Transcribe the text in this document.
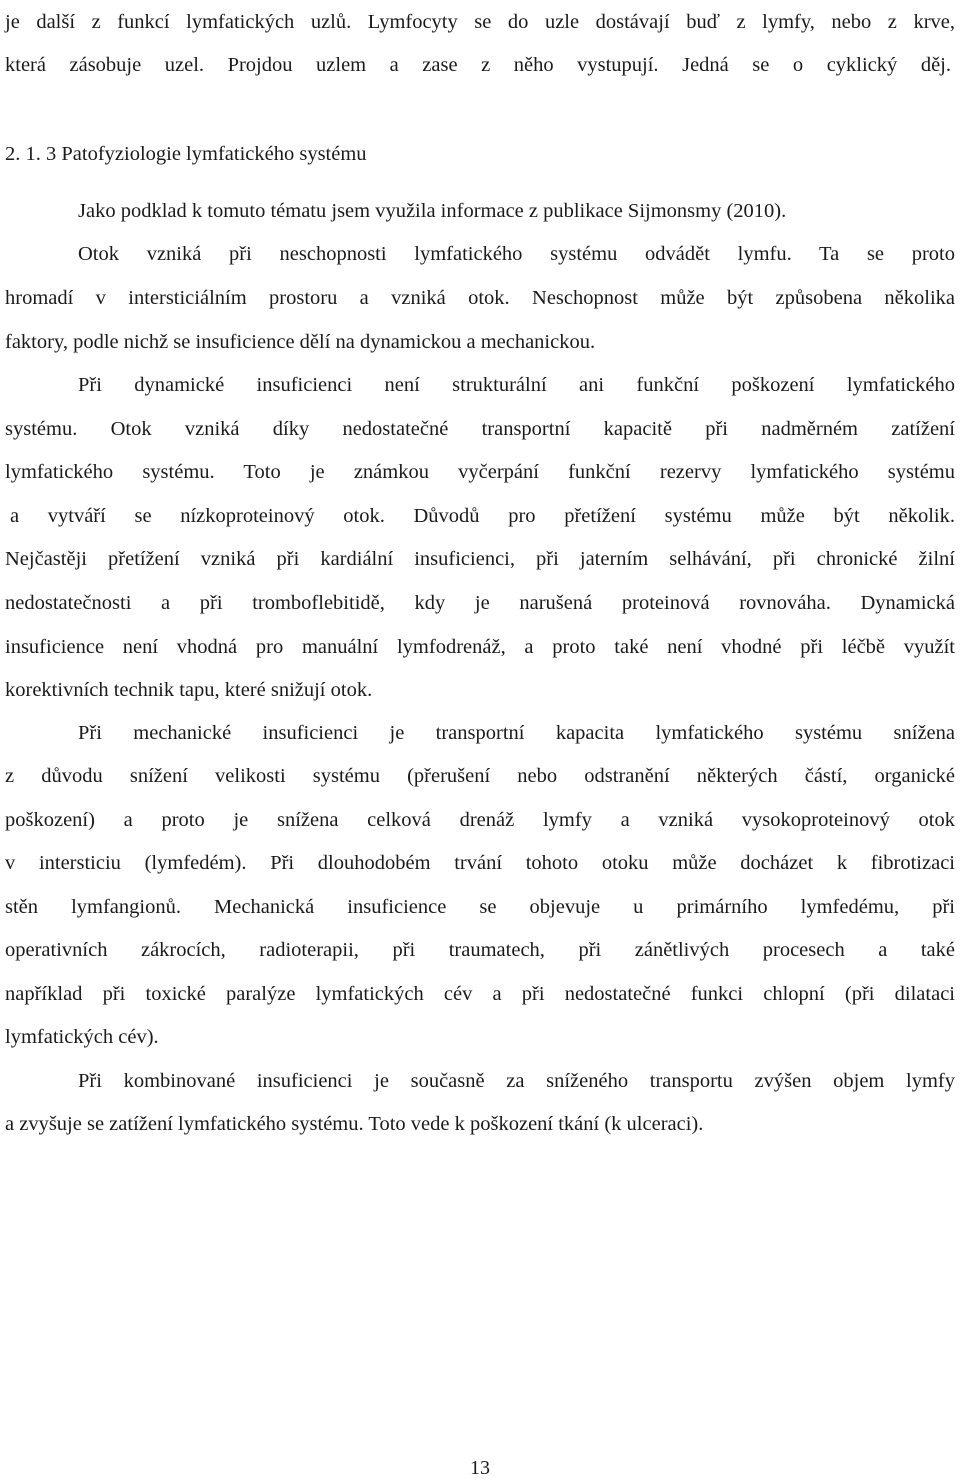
je další z funkcí lymfatických uzlů. Lymfocyty se do uzle dostávají buď z lymfy, nebo z krve,
která zásobuje uzel. Projdou uzlem a zase z něho vystupují. Jedná se o cyklický děj.
2. 1. 3 Patofyziologie lymfatického systému
Jako podklad k tomuto tématu jsem využila informace z publikace Sijmonsmy (2010).
Otok vzniká při neschopnosti lymfatického systému odvádět lymfu. Ta se proto
hromadí v intersticiálním prostoru a vzniká otok. Neschopnost může být způsobena několika
faktory, podle nichž se insuficience dělí na dynamickou a mechanickou.
Při dynamické insuficienci není strukturální ani funkční poškození lymfatického
systému. Otok vzniká díky nedostatečné transportní kapacitě při nadměrném zatížení
lymfatického systému. Toto je známkou vyčerpání funkční rezervy lymfatického systému
a vytváří se nízkoproteinový otok. Důvodů pro přetížení systému může být několik.
Nejčastěji přetížení vzniká při kardiální insuficienci, při jaterním selhávání, při chronické žilní
nedostatečnosti a při tromboflebitidě, kdy je narušená proteinová rovnováha. Dynamická
insuficience není vhodná pro manuální lymfodrenáž, a proto také není vhodné při léčbě využít
korektivních technik tapu, které snižují otok.
Při mechanické insuficienci je transportní kapacita lymfatického systému snížena
z důvodu snížení velikosti systému (přerušení nebo odstranění některých částí, organické
poškození) a proto je snížena celková drenáž lymfy a vzniká vysokoproteinový otok
v intersticiu (lymfedém). Při dlouhodobém trvání tohoto otoku může docházet k fibrotizaci
stěn lymfangionů. Mechanická insuficience se objevuje u primárního lymfedému, při
operativních zákrocích, radioterapii, při traumatech, při zánětlivých procesech a také
například při toxické paralýze lymfatických cév a při nedostatečné funkci chlopní (při dilataci
lymfatických cév).
Při kombinované insuficienci je současně za sníženého transportu zvýšen objem lymfy
a zvyšuje se zatížení lymfatického systému. Toto vede k poškození tkání (k ulceraci).
13
